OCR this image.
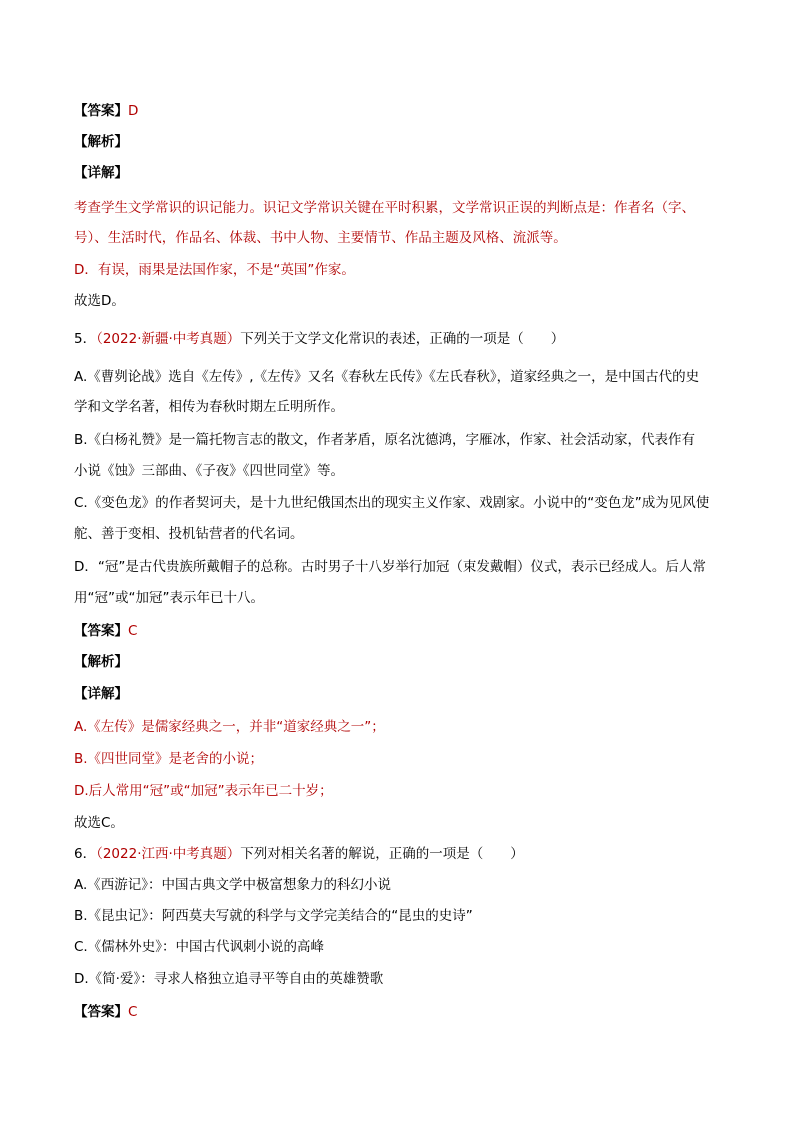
【答案】D
【解析】
【详解】
考查学生文学常识的识记能力。识记文学常识关键在平时积累，文学常识正误的判断点是：作者名（字、
号）、生活时代，作品名、体裁、书中人物、主要情节、作品主题及风格、流派等。
D．有误，雨果是法国作家，不是“英国”作家。
故选D。
5．（2022·新疆·中考真题）下列关于文学文化常识的表述，正确的一项是（　　）
A.《曹刿论战》选自《左传》,《左传》又名《春秋左氏传》《左氏春秋》，道家经典之一，是中国古代的史
学和文学名著，相传为春秋时期左丘明所作。
B.《白杨礼赞》是一篇托物言志的散文，作者茅盾，原名沈德鸿，字雁冰，作家、社会活动家，代表作有
小说《蚀》三部曲、《子夜》《四世同堂》等。
C.《变色龙》的作者契诃夫，是十九世纪俄国杰出的现实主义作家、戏剧家。小说中的“变色龙”成为见风使
舵、善于变相、投机钻营者的代名词。
D．“冠”是古代贵族所戴帽子的总称。古时男子十八岁举行加冠（束发戴帽）仪式，表示已经成人。后人常
用“冠”或“加冠”表示年已十八。
【答案】C
【解析】
【详解】
A.《左传》是儒家经典之一，并非“道家经典之一”；
B.《四世同堂》是老舍的小说；
D.后人常用“冠”或“加冠”表示年已二十岁；
故选C。
6．（2022·江西·中考真题）下列对相关名著的解说，正确的一项是（　　）
A.《西游记》：中国古典文学中极富想象力的科幻小说
B.《昆虫记》：阿西莫夫写就的科学与文学完美结合的“昆虫的史诗”
C.《儒林外史》：中国古代讽刺小说的高峰
D.《简·爱》：寻求人格独立追寻平等自由的英雄赞歌
【答案】C
